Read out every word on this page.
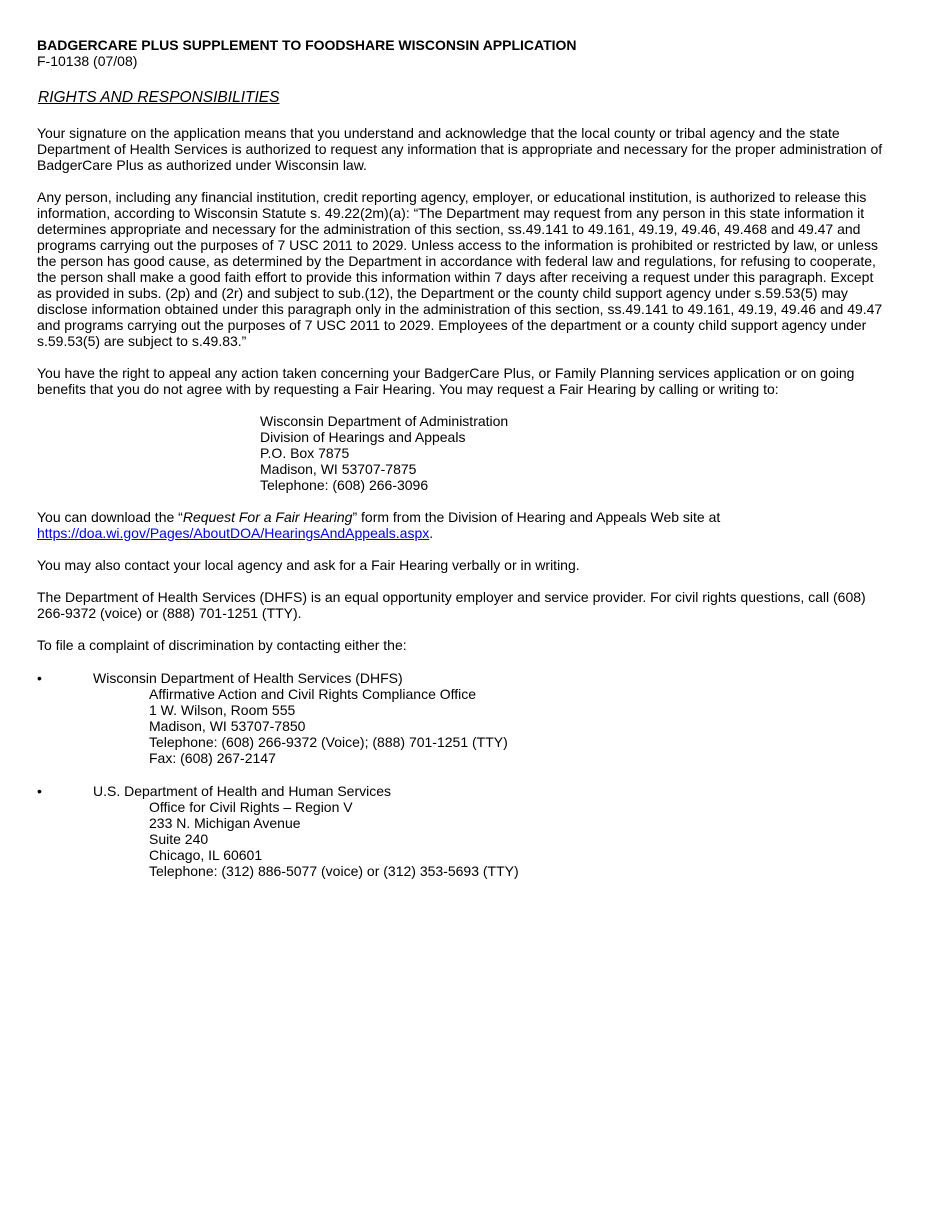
BADGERCARE PLUS SUPPLEMENT TO FOODSHARE WISCONSIN APPLICATION

F-10138 (07/08)

RIGHTS AND RESPONSIBILITIES

Your signature on the application means that you understand and acknowledge that the local county or tribal agency and the state Department of Health Services is authorized to request any information that is appropriate and necessary for the proper administration of BadgerCare Plus as authorized under Wisconsin law.

Any person, including any financial institution, credit reporting agency, employer, or educational institution, is authorized to release this information, according to Wisconsin Statute s. 49.22(2m)(a): “The Department may request from any person in this state information it determines appropriate and necessary for the administration of this section, ss.49.141 to 49.161, 49.19, 49.46, 49.468 and 49.47 and programs carrying out the purposes of 7 USC 2011 to 2029. Unless access to the information is prohibited or restricted by law, or unless the person has good cause, as determined by the Department in accordance with federal law and regulations, for refusing to cooperate, the person shall make a good faith effort to provide this information within 7 days after receiving a request under this paragraph. Except as provided in subs. (2p) and (2r) and subject to sub.(12), the Department or the county child support agency under s.59.53(5) may disclose information obtained under this paragraph only in the administration of this section, ss.49.141 to 49.161, 49.19, 49.46 and 49.47 and programs carrying out the purposes of 7 USC 2011 to 2029. Employees of the department or a county child support agency under s.59.53(5) are subject to s.49.83.”

You have the right to appeal any action taken concerning your BadgerCare Plus, or Family Planning services application or on going benefits that you do not agree with by requesting a Fair Hearing. You may request a Fair Hearing by calling or writing to:

Wisconsin Department of Administration
Division of Hearings and Appeals
P.O. Box 7875
Madison, WI 53707-7875
Telephone: (608) 266-3096

You can download the “Request For a Fair Hearing” form from the Division of Hearing and Appeals Web site at
https://doa.wi.gov/Pages/AboutDOA/HearingsAndAppeals.aspx.

You may also contact your local agency and ask for a Fair Hearing verbally or in writing.

The Department of Health Services (DHFS) is an equal opportunity employer and service provider. For civil rights questions, call (608) 266-9372 (voice) or (888) 701-1251 (TTY).

To file a complaint of discrimination by contacting either the:

•	Wisconsin Department of Health Services (DHFS)
Affirmative Action and Civil Rights Compliance Office
1 W. Wilson, Room 555
Madison, WI 53707-7850
Telephone: (608) 266-9372 (Voice); (888) 701-1251 (TTY)
Fax: (608) 267-2147
•	U.S. Department of Health and Human Services
Office for Civil Rights – Region V
233 N. Michigan Avenue
Suite 240
Chicago, IL 60601
Telephone: (312) 886-5077 (voice) or (312) 353-5693 (TTY)
